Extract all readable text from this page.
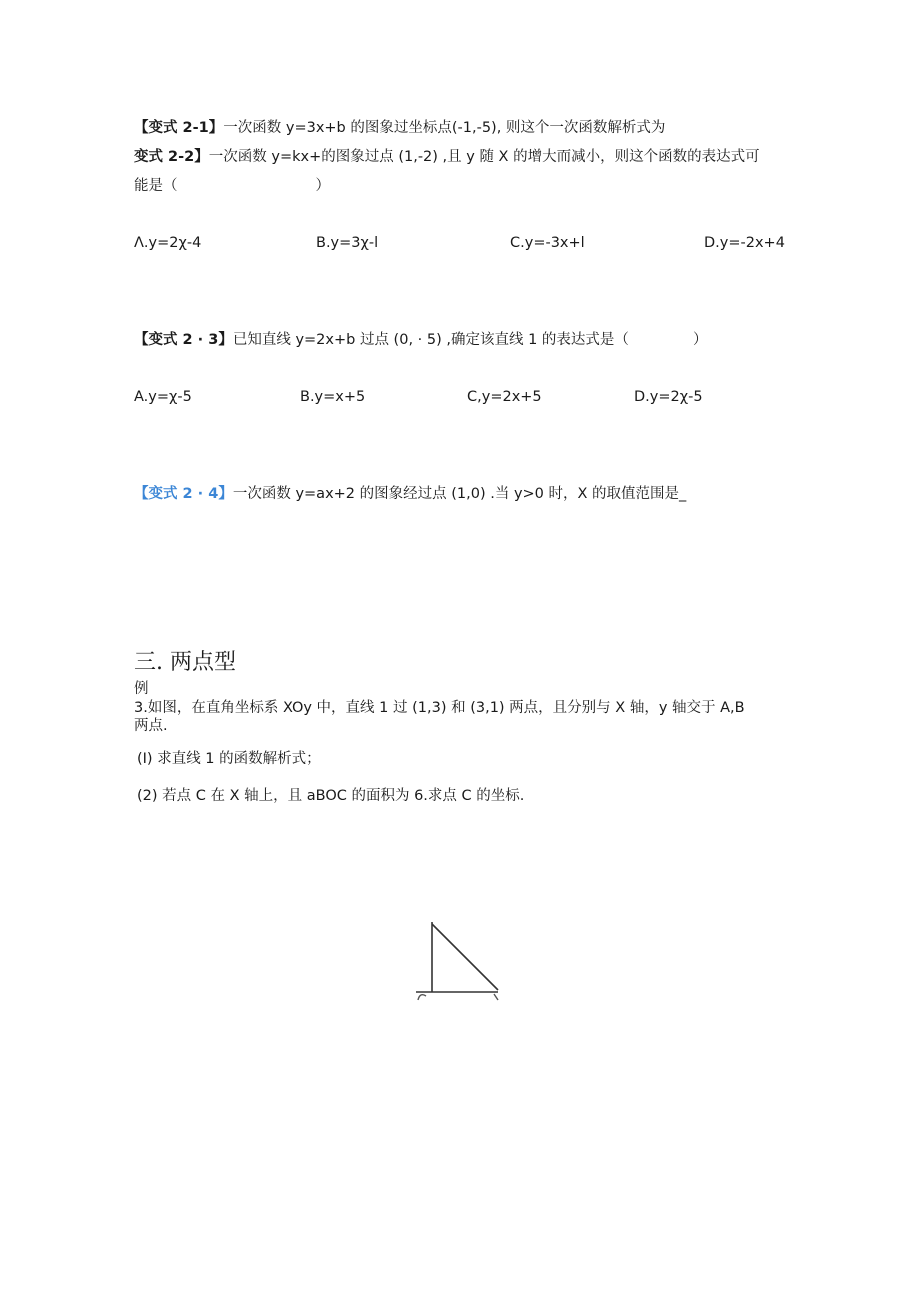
【变式 2-1】一次函数 y=3x+b 的图象过坐标点(-1,-5), 则这个一次函数解析式为
变式 2-2】一次函数 y=kx+的图象过点 (1,-2) ,且 y 随 X 的增大而减小，则这个函数的表达式可
能是（	）
Λ.y=2χ-4	B.y=3χ-l	C.y=-3x+l	D.y=-2x+4
【变式 2 · 3】已知直线 y=2x+b 过点 (0, · 5) ,确定该直线 1 的表达式是（	）
A.y=χ-5	B.y=x+5	C,y=2x+5	D.y=2χ-5
【变式 2 · 4】一次函数 y=ax+2 的图象经过点 (1,0) .当 y>0 时，X 的取值范围是_
三. 两点型
例
3.如图，在直角坐标系 XOy 中，直线 1 过 (1,3) 和 (3,1) 两点，且分别与 X 轴，y 轴交于 A,B
两点.
(I) 求直线 1 的函数解析式；
(2) 若点 C 在 X 轴上，且 aBOC 的面积为 6.求点 C 的坐标.
